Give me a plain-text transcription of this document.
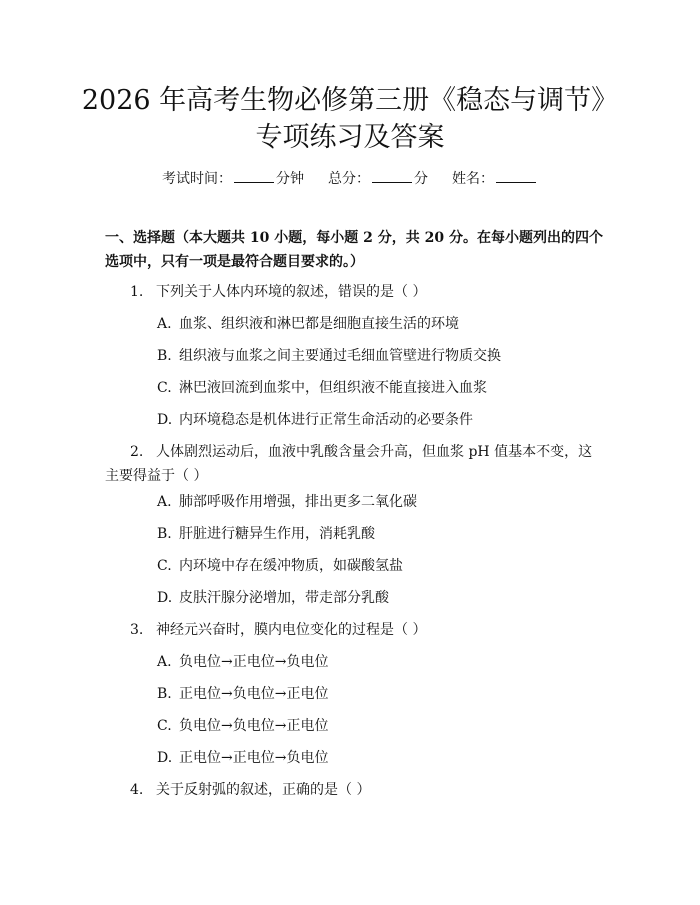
2026 年高考生物必修第三册《稳态与调节》
专项练习及答案
考试时间：	分钟 总分：	分 姓名：
一、选择题（本大题共 10 小题，每小题 2 分，共 20 分。在每小题列出的四个选项中，只有一项是最符合题目要求的。）
1. 下列关于人体内环境的叙述，错误的是（ ）
A. 血浆、组织液和淋巴都是细胞直接生活的环境
B. 组织液与血浆之间主要通过毛细血管壁进行物质交换
C. 淋巴液回流到血浆中，但组织液不能直接进入血浆
D. 内环境稳态是机体进行正常生命活动的必要条件
2. 人体剧烈运动后，血液中乳酸含量会升高，但血浆 pH 值基本不变，这主要得益于（ ）
A. 肺部呼吸作用增强，排出更多二氧化碳
B. 肝脏进行糖异生作用，消耗乳酸
C. 内环境中存在缓冲物质，如碳酸氢盐
D. 皮肤汗腺分泌增加，带走部分乳酸
3. 神经元兴奋时，膜内电位变化的过程是（ ）
A. 负电位→正电位→负电位
B. 正电位→负电位→正电位
C. 负电位→负电位→正电位
D. 正电位→正电位→负电位
4. 关于反射弧的叙述，正确的是（ ）
